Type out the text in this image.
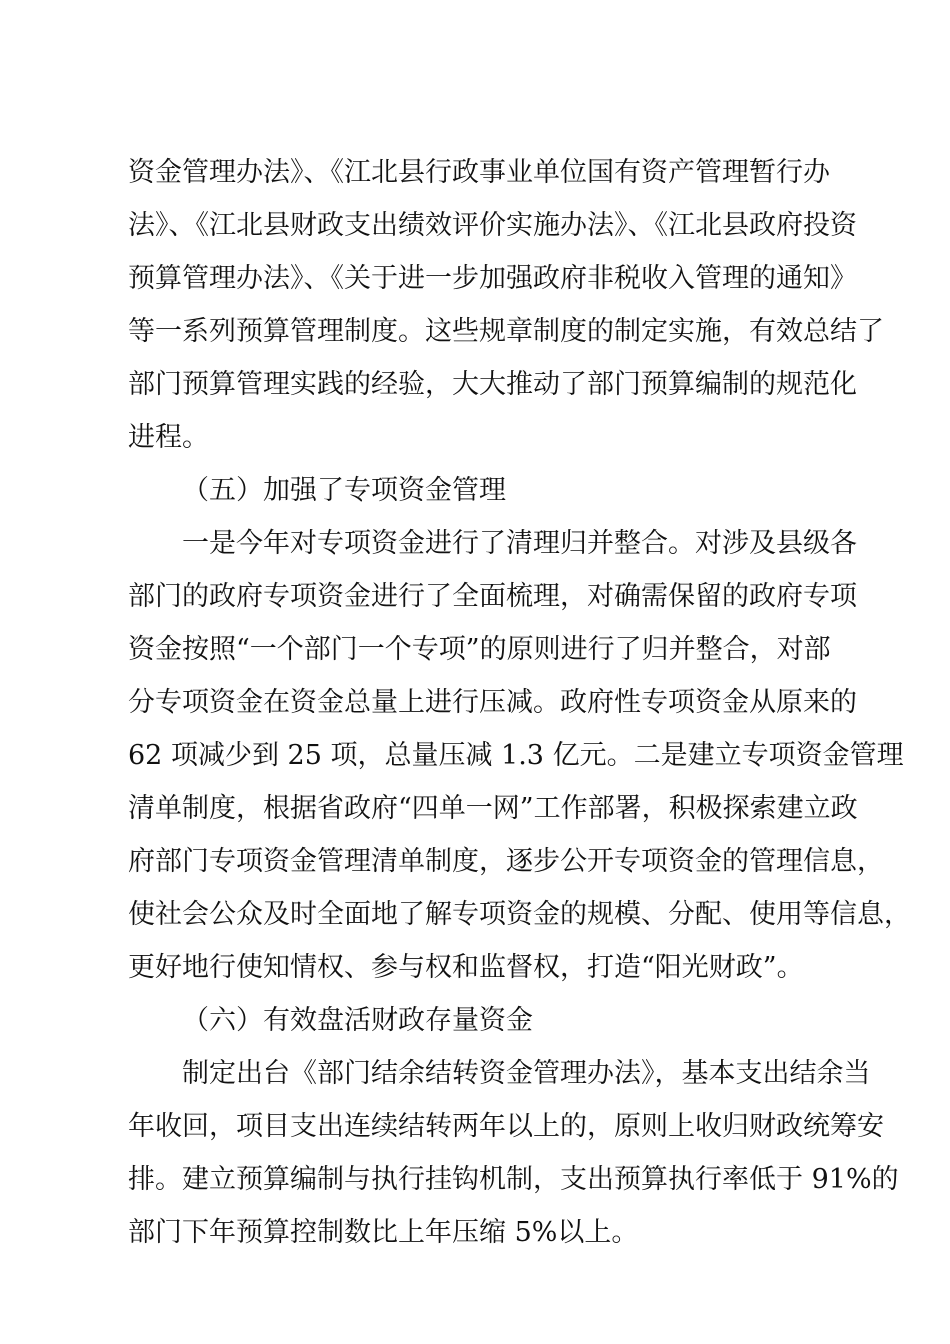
资金管理办法》、《江北县行政事业单位国有资产管理暂行办
法》、《江北县财政支出绩效评价实施办法》、《江北县政府投资
预算管理办法》、《关于进一步加强政府非税收入管理的通知》
等一系列预算管理制度。这些规章制度的制定实施，有效总结了
部门预算管理实践的经验，大大推动了部门预算编制的规范化
进程。
（五）加强了专项资金管理
一是今年对专项资金进行了清理归并整合。对涉及县级各
部门的政府专项资金进行了全面梳理，对确需保留的政府专项
资金按照“一个部门一个专项”的原则进行了归并整合，对部
分专项资金在资金总量上进行压减。政府性专项资金从原来的
62 项减少到 25 项，总量压减 1.3 亿元。二是建立专项资金管理
清单制度，根据省政府“四单一网”工作部署，积极探索建立政
府部门专项资金管理清单制度，逐步公开专项资金的管理信息，
使社会公众及时全面地了解专项资金的规模、分配、使用等信息，
更好地行使知情权、参与权和监督权，打造“阳光财政”。
（六）有效盘活财政存量资金
制定出台《部门结余结转资金管理办法》，基本支出结余当
年收回，项目支出连续结转两年以上的，原则上收归财政统筹安
排。建立预算编制与执行挂钩机制，支出预算执行率低于 91%的
部门下年预算控制数比上年压缩 5%以上。
